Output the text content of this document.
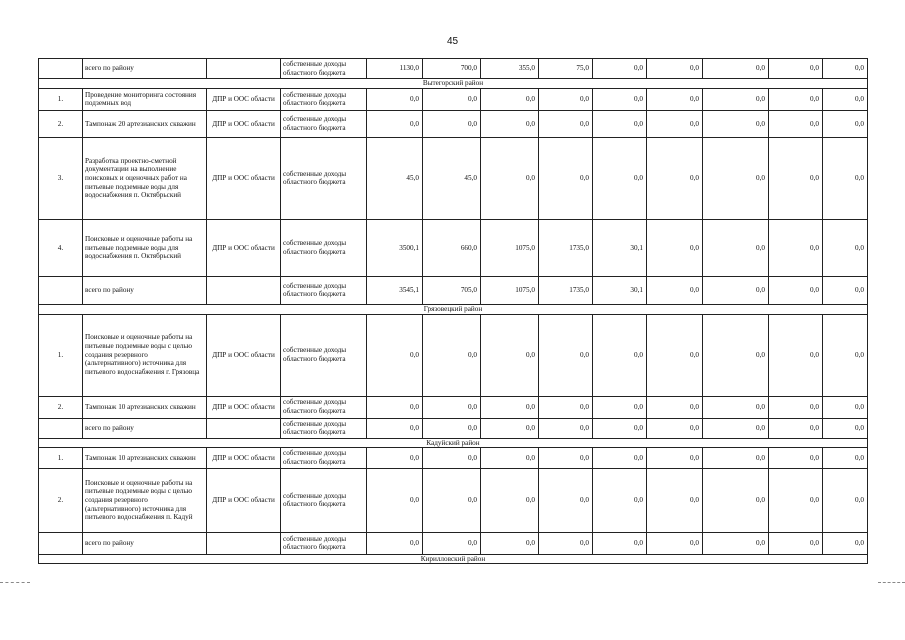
45
	всего по району		собственные доходы областного бюджета	1130,0	700,0	355,0	75,0	0,0	0,0	0,0	0,0	0,0
Вытегорский район												
1.	Проведение мониторинга состояния подземных вод	ДПР и ООС области	собственные доходы областного бюджета	0,0	0,0	0,0	0,0	0,0	0,0	0,0	0,0	0,0
2.	Тампонаж 20 артезианских скважин	ДПР и ООС области	собственные доходы областного бюджета	0,0	0,0	0,0	0,0	0,0	0,0	0,0	0,0	0,0
3.	Разработка проектно-сметной документации на выполнение поисковых и оценочных работ на питьевые подземные воды для водоснабжения п. Октябрьский	ДПР и ООС области	собственные доходы областного бюджета	45,0	45,0	0,0	0,0	0,0	0,0	0,0	0,0	0,0
4.	Поисковые и оценочные работы на питьевые подземные воды для водоснабжения п. Октябрьский	ДПР и ООС области	собственные доходы областного бюджета	3500,1	660,0	1075,0	1735,0	30,1	0,0	0,0	0,0	0,0
	всего по району		собственные доходы областного бюджета	3545,1	705,0	1075,0	1735,0	30,1	0,0	0,0	0,0	0,0
Грязовецкий район												
1.	Поисковые и оценочные работы на питьевые подземные воды с целью создания резервного (альтернативного) источника для питьевого водоснабжения г. Грязовца	ДПР и ООС области	собственные доходы областного бюджета	0,0	0,0	0,0	0,0	0,0	0,0	0,0	0,0	0,0
2.	Тампонаж 10 артезианских скважин	ДПР и ООС области	собственные доходы областного бюджета	0,0	0,0	0,0	0,0	0,0	0,0	0,0	0,0	0,0
	всего по району		собственные доходы областного бюджета	0,0	0,0	0,0	0,0	0,0	0,0	0,0	0,0	0,0
Кадуйский район												
1.	Тампонаж 10 артезианских скважин	ДПР и ООС области	собственные доходы областного бюджета	0,0	0,0	0,0	0,0	0,0	0,0	0,0	0,0	0,0
2.	Поисковые и оценочные работы на питьевые подземные воды с целью создания резервного (альтернативного) источника для питьевого водоснабжения п. Кадуй	ДПР и ООС области	собственные доходы областного бюджета	0,0	0,0	0,0	0,0	0,0	0,0	0,0	0,0	0,0
	всего по району		собственные доходы областного бюджета	0,0	0,0	0,0	0,0	0,0	0,0	0,0	0,0	0,0
Кирилловский район												
